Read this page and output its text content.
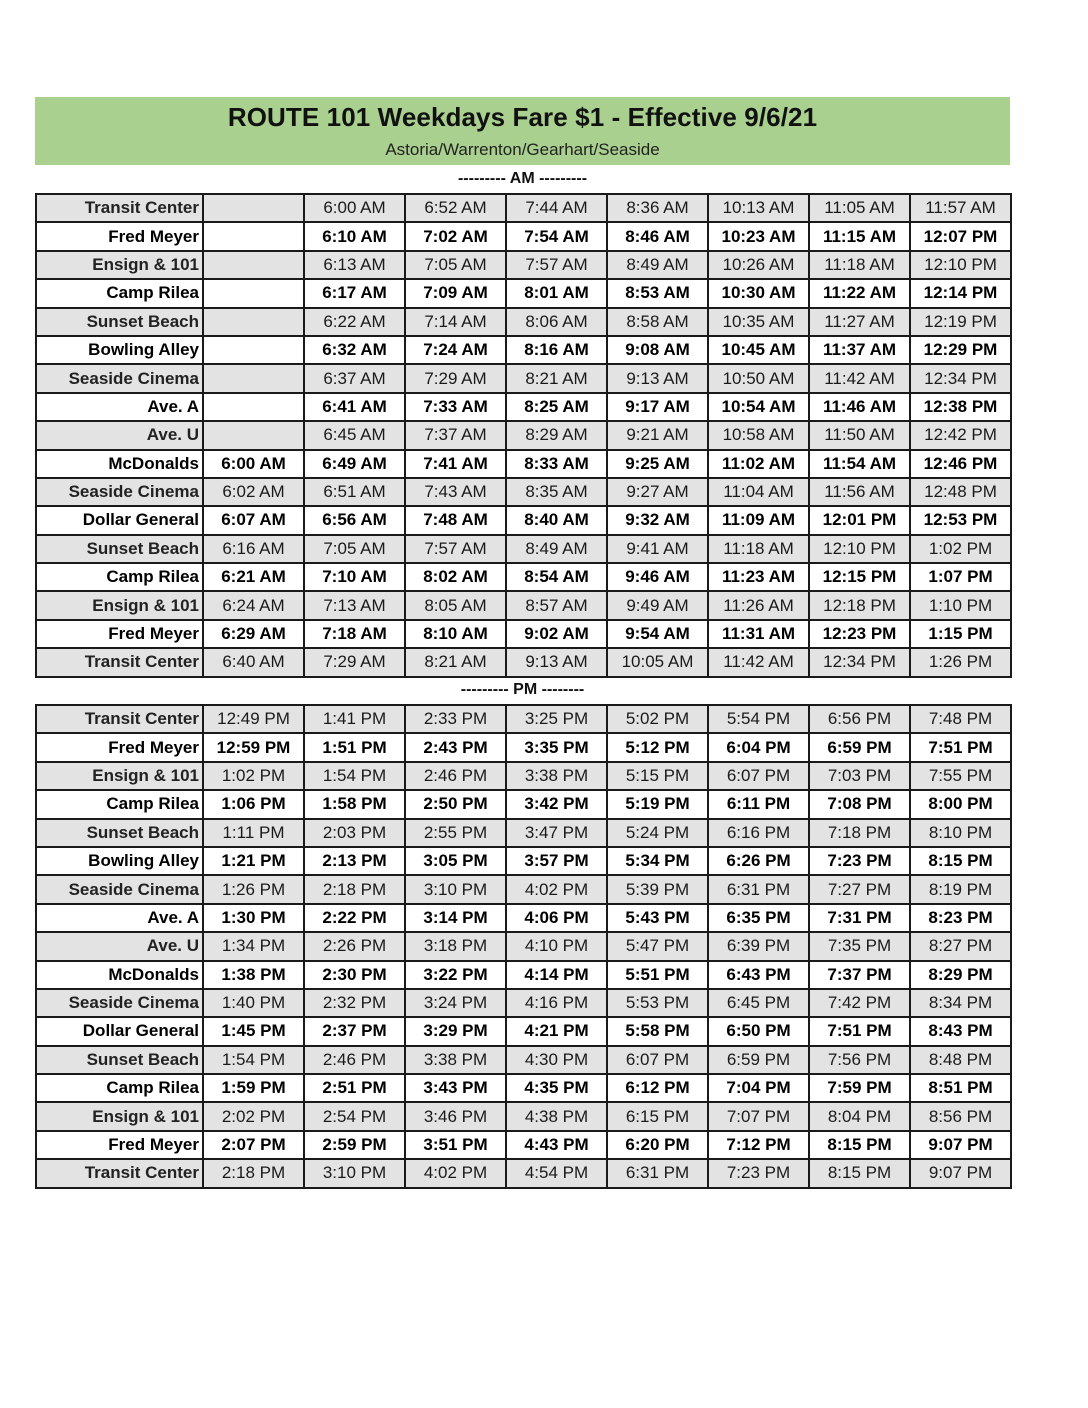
ROUTE 101 Weekdays Fare $1 - Effective 9/6/21
Astoria/Warrenton/Gearhart/Seaside
--------- AM ---------
Transit Center		6:00 AM	6:52 AM	7:44 AM	8:36 AM	10:13 AM	11:05 AM	11:57 AM
Fred Meyer		6:10 AM	7:02 AM	7:54 AM	8:46 AM	10:23 AM	11:15 AM	12:07 PM
Ensign & 101		6:13 AM	7:05 AM	7:57 AM	8:49 AM	10:26 AM	11:18 AM	12:10 PM
Camp Rilea		6:17 AM	7:09 AM	8:01 AM	8:53 AM	10:30 AM	11:22 AM	12:14 PM
Sunset Beach		6:22 AM	7:14 AM	8:06 AM	8:58 AM	10:35 AM	11:27 AM	12:19 PM
Bowling Alley		6:32 AM	7:24 AM	8:16 AM	9:08 AM	10:45 AM	11:37 AM	12:29 PM
Seaside Cinema		6:37 AM	7:29 AM	8:21 AM	9:13 AM	10:50 AM	11:42 AM	12:34 PM
Ave. A		6:41 AM	7:33 AM	8:25 AM	9:17 AM	10:54 AM	11:46 AM	12:38 PM
Ave. U		6:45 AM	7:37 AM	8:29 AM	9:21 AM	10:58 AM	11:50 AM	12:42 PM
McDonalds	6:00 AM	6:49 AM	7:41 AM	8:33 AM	9:25 AM	11:02 AM	11:54 AM	12:46 PM
Seaside Cinema	6:02 AM	6:51 AM	7:43 AM	8:35 AM	9:27 AM	11:04 AM	11:56 AM	12:48 PM
Dollar General	6:07 AM	6:56 AM	7:48 AM	8:40 AM	9:32 AM	11:09 AM	12:01 PM	12:53 PM
Sunset Beach	6:16 AM	7:05 AM	7:57 AM	8:49 AM	9:41 AM	11:18 AM	12:10 PM	1:02 PM
Camp Rilea	6:21 AM	7:10 AM	8:02 AM	8:54 AM	9:46 AM	11:23 AM	12:15 PM	1:07 PM
Ensign & 101	6:24 AM	7:13 AM	8:05 AM	8:57 AM	9:49 AM	11:26 AM	12:18 PM	1:10 PM
Fred Meyer	6:29 AM	7:18 AM	8:10 AM	9:02 AM	9:54 AM	11:31 AM	12:23 PM	1:15 PM
Transit Center	6:40 AM	7:29 AM	8:21 AM	9:13 AM	10:05 AM	11:42 AM	12:34 PM	1:26 PM
--------- PM --------
Transit Center	12:49 PM	1:41 PM	2:33 PM	3:25 PM	5:02 PM	5:54 PM	6:56 PM	7:48 PM
Fred Meyer	12:59 PM	1:51 PM	2:43 PM	3:35 PM	5:12 PM	6:04 PM	6:59 PM	7:51 PM
Ensign & 101	1:02 PM	1:54 PM	2:46 PM	3:38 PM	5:15 PM	6:07 PM	7:03 PM	7:55 PM
Camp Rilea	1:06 PM	1:58 PM	2:50 PM	3:42 PM	5:19 PM	6:11 PM	7:08 PM	8:00 PM
Sunset Beach	1:11 PM	2:03 PM	2:55 PM	3:47 PM	5:24 PM	6:16 PM	7:18 PM	8:10 PM
Bowling Alley	1:21 PM	2:13 PM	3:05 PM	3:57 PM	5:34 PM	6:26 PM	7:23 PM	8:15 PM
Seaside Cinema	1:26 PM	2:18 PM	3:10 PM	4:02 PM	5:39 PM	6:31 PM	7:27 PM	8:19 PM
Ave. A	1:30 PM	2:22 PM	3:14 PM	4:06 PM	5:43 PM	6:35 PM	7:31 PM	8:23 PM
Ave. U	1:34 PM	2:26 PM	3:18 PM	4:10 PM	5:47 PM	6:39 PM	7:35 PM	8:27 PM
McDonalds	1:38 PM	2:30 PM	3:22 PM	4:14 PM	5:51 PM	6:43 PM	7:37 PM	8:29 PM
Seaside Cinema	1:40 PM	2:32 PM	3:24 PM	4:16 PM	5:53 PM	6:45 PM	7:42 PM	8:34 PM
Dollar General	1:45 PM	2:37 PM	3:29 PM	4:21 PM	5:58 PM	6:50 PM	7:51 PM	8:43 PM
Sunset Beach	1:54 PM	2:46 PM	3:38 PM	4:30 PM	6:07 PM	6:59 PM	7:56 PM	8:48 PM
Camp Rilea	1:59 PM	2:51 PM	3:43 PM	4:35 PM	6:12 PM	7:04 PM	7:59 PM	8:51 PM
Ensign & 101	2:02 PM	2:54 PM	3:46 PM	4:38 PM	6:15 PM	7:07 PM	8:04 PM	8:56 PM
Fred Meyer	2:07 PM	2:59 PM	3:51 PM	4:43 PM	6:20 PM	7:12 PM	8:15 PM	9:07 PM
Transit Center	2:18 PM	3:10 PM	4:02 PM	4:54 PM	6:31 PM	7:23 PM	8:15 PM	9:07 PM
